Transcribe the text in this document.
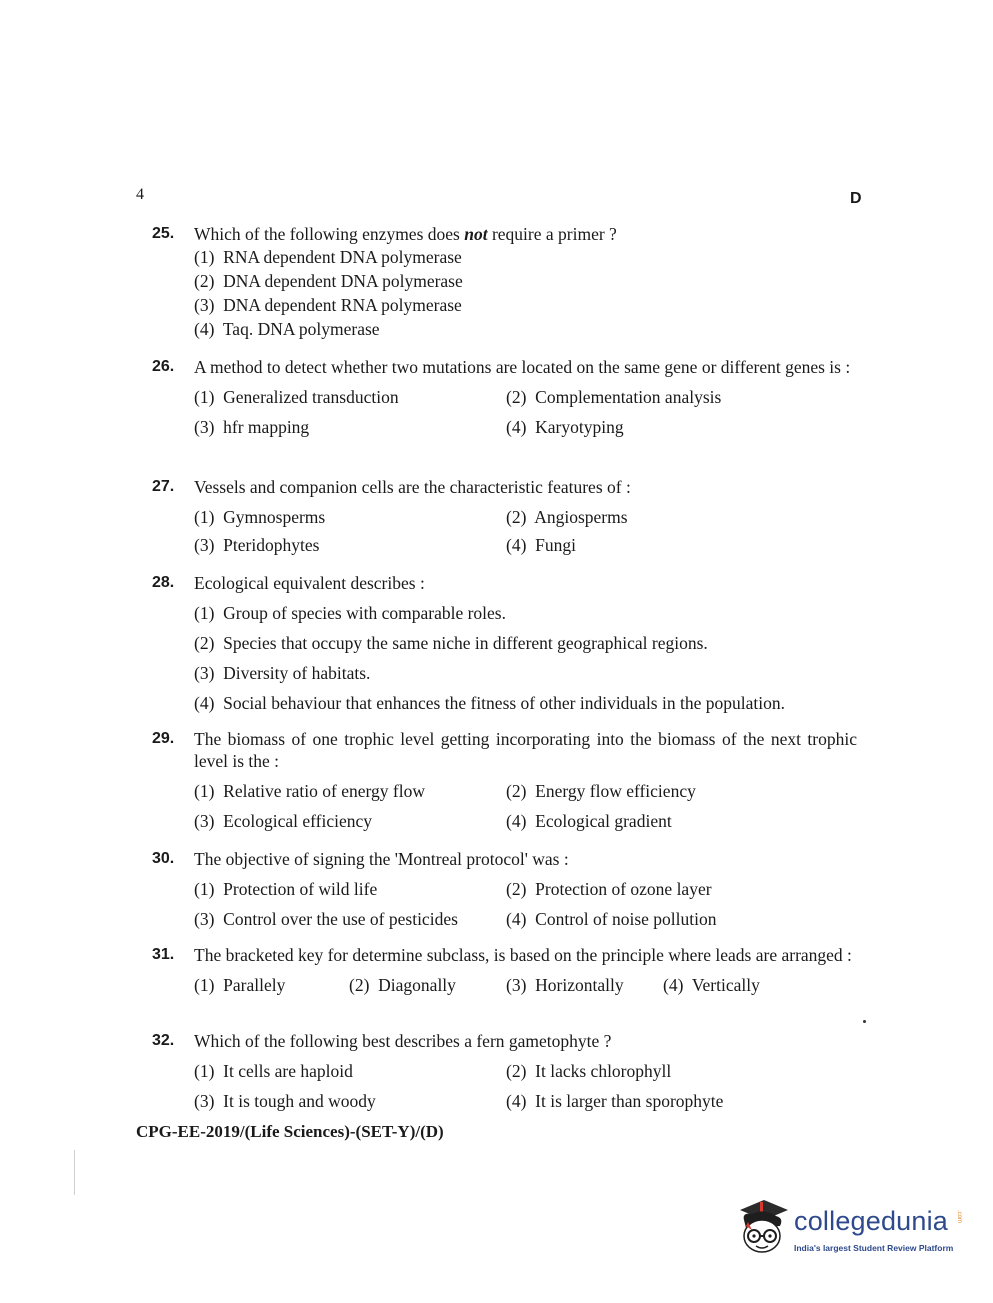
4	D
25. Which of the following enzymes does not require a primer ?
(1)  RNA dependent DNA polymerase
(2)  DNA dependent DNA polymerase
(3)  DNA dependent RNA polymerase
(4)  Taq. DNA polymerase
26. A method to detect whether two mutations are located on the same gene or different genes is :
(1)  Generalized transduction	(2)  Complementation analysis
(3)  hfr mapping	(4)  Karyotyping
27. Vessels and companion cells are the characteristic features of :
(1)  Gymnosperms	(2)  Angiosperms
(3)  Pteridophytes	(4)  Fungi
28. Ecological equivalent describes :
(1)  Group of species with comparable roles.
(2)  Species that occupy the same niche in different geographical regions.
(3)  Diversity of habitats.
(4)  Social behaviour that enhances the fitness of other individuals in the population.
29. The biomass of one trophic level getting incorporating into the biomass of the next trophic level is the :
(1)  Relative ratio of energy flow	(2)  Energy flow efficiency
(3)  Ecological efficiency	(4)  Ecological gradient
30. The objective of signing the 'Montreal protocol' was :
(1)  Protection of wild life	(2)  Protection of ozone layer
(3)  Control over the use of pesticides	(4)  Control of noise pollution
31. The bracketed key for determine subclass, is based on the principle where leads are arranged :
(1)  Parallely	(2)  Diagonally	(3)  Horizontally	(4)  Vertically
32. Which of the following best describes a fern gametophyte ?
(1)  It cells are haploid	(2)  It lacks chlorophyll
(3)  It is tough and woody	(4)  It is larger than sporophyte
CPG-EE-2019/(Life Sciences)-(SET-Y)/(D)
collegedunia .com
India's largest Student Review Platform
